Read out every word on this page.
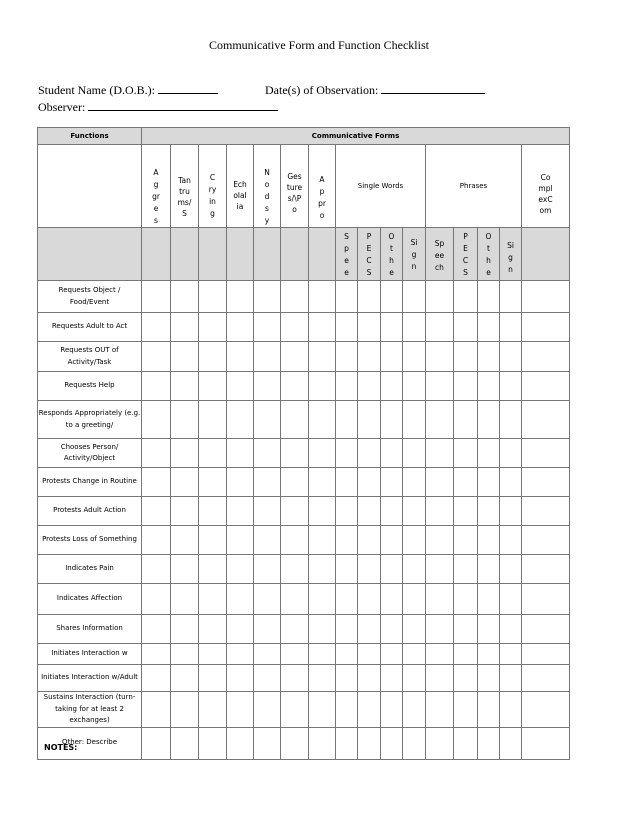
Communicative Form and Function Checklist
Student Name (D.O.B.):	Date(s) of Observation:
Observer:
Functions	Communicative Forms															

	Aggres	Tantrums/S	Crying	Echolalia	Nodsy	Gestures/\Po	Appro	Single Words				Phrases				ComplexCom

								Spee	PECS	Othe	Sign	Speech	PECS	Othe	Sign	

Requests Object / Food/Event																
Requests Adult to Act																
Requests OUT of Activity/Task																
Requests Help																
Responds Appropriately (e.g. to a greeting/																
Chooses Person/ Activity/Object																
Protests Change in Routine																
Protests Adult Action																
Protests Loss of Something																
Indicates Pain																
Indicates Affection																
Shares Information																
Initiates Interaction w																
Initiates Interaction w/Adult																
Sustains Interaction (turn-taking for at least 2 exchanges)																
Other: Describe																
NOTES:
